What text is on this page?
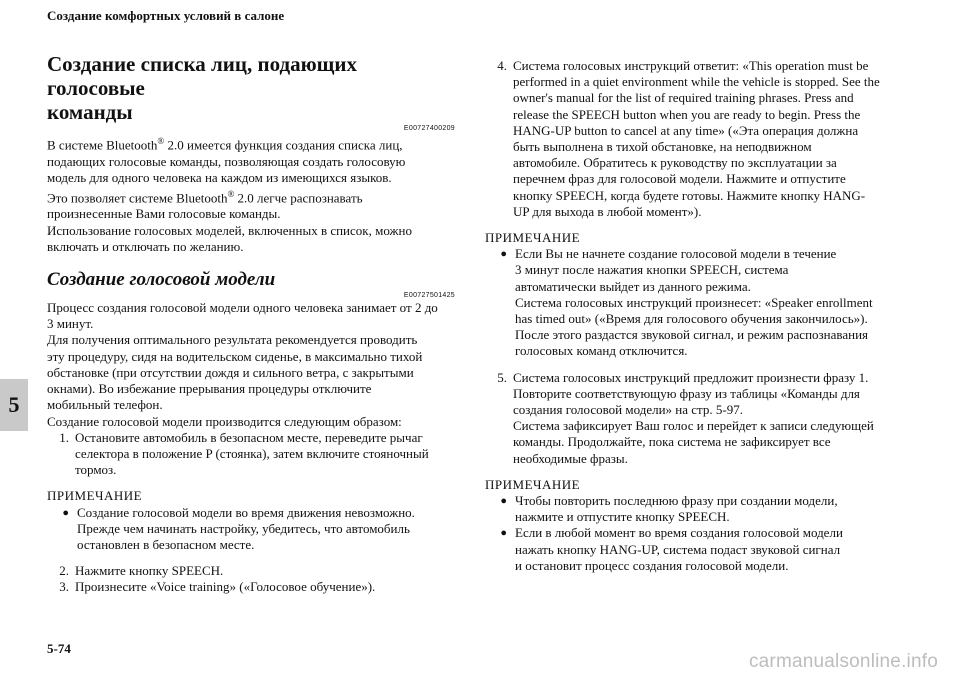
Создание комфортных условий в салоне
5
Создание списка лиц, подающих голосовые
команды
E00727400209

В системе Bluetooth® 2.0 имеется функция создания списка лиц,

подающих голосовые команды, позволяющая создать голосовую

модель для одного человека на каждом из имеющихся языков.

Это позволяет системе Bluetooth® 2.0 легче распознавать

произнесенные Вами голосовые команды.

Использование голосовых моделей, включенных в список, можно

включать и отключать по желанию.

Создание голосовой модели
E00727501425

Процесс создания голосовой модели одного человека занимает от 2 до

3 минут.

Для получения оптимального результата рекомендуется проводить

эту процедуру, сидя на водительском сиденье, в максимально тихой

обстановке (при отсутствии дождя и сильного ветра, с закрытыми

окнами). Во избежание прерывания процедуры отключите

мобильный телефон.

Создание голосовой модели производится следующим образом:

1. Остановите автомобиль в безопасном месте, переведите рычаг
селектора в положение P (стоянка), затем включите стояночный
тормоз.
ПРИМЕЧАНИЕ
● Создание голосовой модели во время движения невозможно.
Прежде чем начинать настройку, убедитесь, что автомобиль
остановлен в безопасном месте.
2. Нажмите кнопку SPEECH.
3. Произнесите «Voice training» («Голосовое обучение»).
4. Система голосовых инструкций ответит: «This operation must be
performed in a quiet environment while the vehicle is stopped. See the
owner's manual for the list of required training phrases. Press and
release the SPEECH button when you are ready to begin. Press the
HANG-UP button to cancel at any time» («Эта операция должна
быть выполнена в тихой обстановке, на неподвижном
автомобиле. Обратитесь к руководству по эксплуатации за
перечнем фраз для голосовой модели. Нажмите и отпустите
кнопку SPEECH, когда будете готовы. Нажмите кнопку HANG-
UP для выхода в любой момент»).
ПРИМЕЧАНИЕ
● Если Вы не начнете создание голосовой модели в течение
3 минут после нажатия кнопки SPEECH, система
автоматически выйдет из данного режима.
Система голосовых инструкций произнесет: «Speaker enrollment
has timed out» («Время для голосового обучения закончилось»).
После этого раздастся звуковой сигнал, и режим распознавания
голосовых команд отключится.
5. Система голосовых инструкций предложит произнести фразу 1.
Повторите соответствующую фразу из таблицы «Команды для
создания голосовой модели» на стр. 5-97.
Система зафиксирует Ваш голос и перейдет к записи следующей
команды. Продолжайте, пока система не зафиксирует все
необходимые фразы.
ПРИМЕЧАНИЕ
● Чтобы повторить последнюю фразу при создании модели,
нажмите и отпустите кнопку SPEECH.
● Если в любой момент во время создания голосовой модели
нажать кнопку HANG-UP, система подаст звуковой сигнал
и остановит процесс создания голосовой модели.
5-74
carmanualsonline.info
